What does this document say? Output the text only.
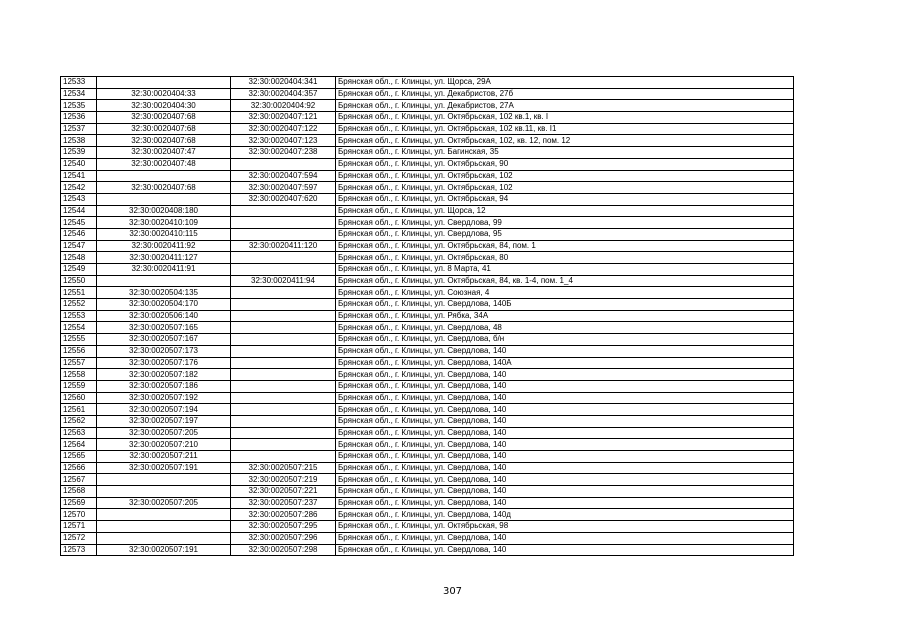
12533		32:30:0020404:341	Брянская обл., г. Клинцы, ул. Щорса, 29А
12534	32:30:0020404:33	32:30:0020404:357	Брянская обл., г. Клинцы, ул. Декабристов, 27б
12535	32:30:0020404:30	32:30:0020404:92	Брянская обл., г. Клинцы, ул. Декабристов, 27А
12536	32:30:0020407:68	32:30:0020407:121	Брянская обл., г. Клинцы, ул. Октябрьская, 102 кв.1, кв. I
12537	32:30:0020407:68	32:30:0020407:122	Брянская обл., г. Клинцы, ул. Октябрьская, 102 кв.11, кв. I1
12538	32:30:0020407:68	32:30:0020407:123	Брянская обл., г. Клинцы, ул. Октябрьская, 102, кв. 12, пом. 12
12539	32:30:0020407:47	32:30:0020407:238	Брянская обл., г. Клинцы, ул. Багинская, 35
12540	32:30:0020407:48		Брянская обл., г. Клинцы, ул. Октябрьская, 90
12541		32:30:0020407:594	Брянская обл., г. Клинцы, ул. Октябрьская, 102
12542	32:30:0020407:68	32:30:0020407:597	Брянская обл., г. Клинцы, ул. Октябрьская, 102
12543		32:30:0020407:620	Брянская обл., г. Клинцы, ул. Октябрьская, 94
12544	32:30:0020408:180		Брянская обл., г. Клинцы, ул. Щорса, 12
12545	32:30:0020410:109		Брянская обл., г. Клинцы, ул. Свердлова, 99
12546	32:30:0020410:115		Брянская обл., г. Клинцы, ул. Свердлова, 95
12547	32:30:0020411:92	32:30:0020411:120	Брянская обл., г. Клинцы, ул. Октябрьская, 84, пом. 1
12548	32:30:0020411:127		Брянская обл., г. Клинцы, ул. Октябрьская, 80
12549	32:30:0020411:91		Брянская обл., г. Клинцы, ул. 8 Марта, 41
12550		32:30:0020411:94	Брянская обл., г. Клинцы, ул. Октябрьская, 84, кв. 1-4, пом. 1_4
12551	32:30:0020504:135		Брянская обл., г. Клинцы, ул. Союзная, 4
12552	32:30:0020504:170		Брянская обл., г. Клинцы, ул. Свердлова, 140Б
12553	32:30:0020506:140		Брянская обл., г. Клинцы, ул. Рябка, 34А
12554	32:30:0020507:165		Брянская обл., г. Клинцы, ул. Свердлова, 48
12555	32:30:0020507:167		Брянская обл., г. Клинцы, ул. Свердлова, б/н
12556	32:30:0020507:173		Брянская обл., г. Клинцы, ул. Свердлова, 140
12557	32:30:0020507:176		Брянская обл., г. Клинцы, ул. Свердлова, 140А
12558	32:30:0020507:182		Брянская обл., г. Клинцы, ул. Свердлова, 140
12559	32:30:0020507:186		Брянская обл., г. Клинцы, ул. Свердлова, 140
12560	32:30:0020507:192		Брянская обл., г. Клинцы, ул. Свердлова, 140
12561	32:30:0020507:194		Брянская обл., г. Клинцы, ул. Свердлова, 140
12562	32:30:0020507:197		Брянская обл., г. Клинцы, ул. Свердлова, 140
12563	32:30:0020507:205		Брянская обл., г. Клинцы, ул. Свердлова, 140
12564	32:30:0020507:210		Брянская обл., г. Клинцы, ул. Свердлова, 140
12565	32:30:0020507:211		Брянская обл., г. Клинцы, ул. Свердлова, 140
12566	32:30:0020507:191	32:30:0020507:215	Брянская обл., г. Клинцы, ул. Свердлова, 140
12567		32:30:0020507:219	Брянская обл., г. Клинцы, ул. Свердлова, 140
12568		32:30:0020507:221	Брянская обл., г. Клинцы, ул. Свердлова, 140
12569	32:30:0020507:205	32:30:0020507:237	Брянская обл., г. Клинцы, ул. Свердлова, 140
12570		32:30:0020507:286	Брянская обл., г. Клинцы, ул. Свердлова, 140д
12571		32:30:0020507:295	Брянская обл., г. Клинцы, ул. Октябрьская, 98
12572		32:30:0020507:296	Брянская обл., г. Клинцы, ул. Свердлова, 140
12573	32:30:0020507:191	32:30:0020507:298	Брянская обл., г. Клинцы, ул. Свердлова, 140
307
